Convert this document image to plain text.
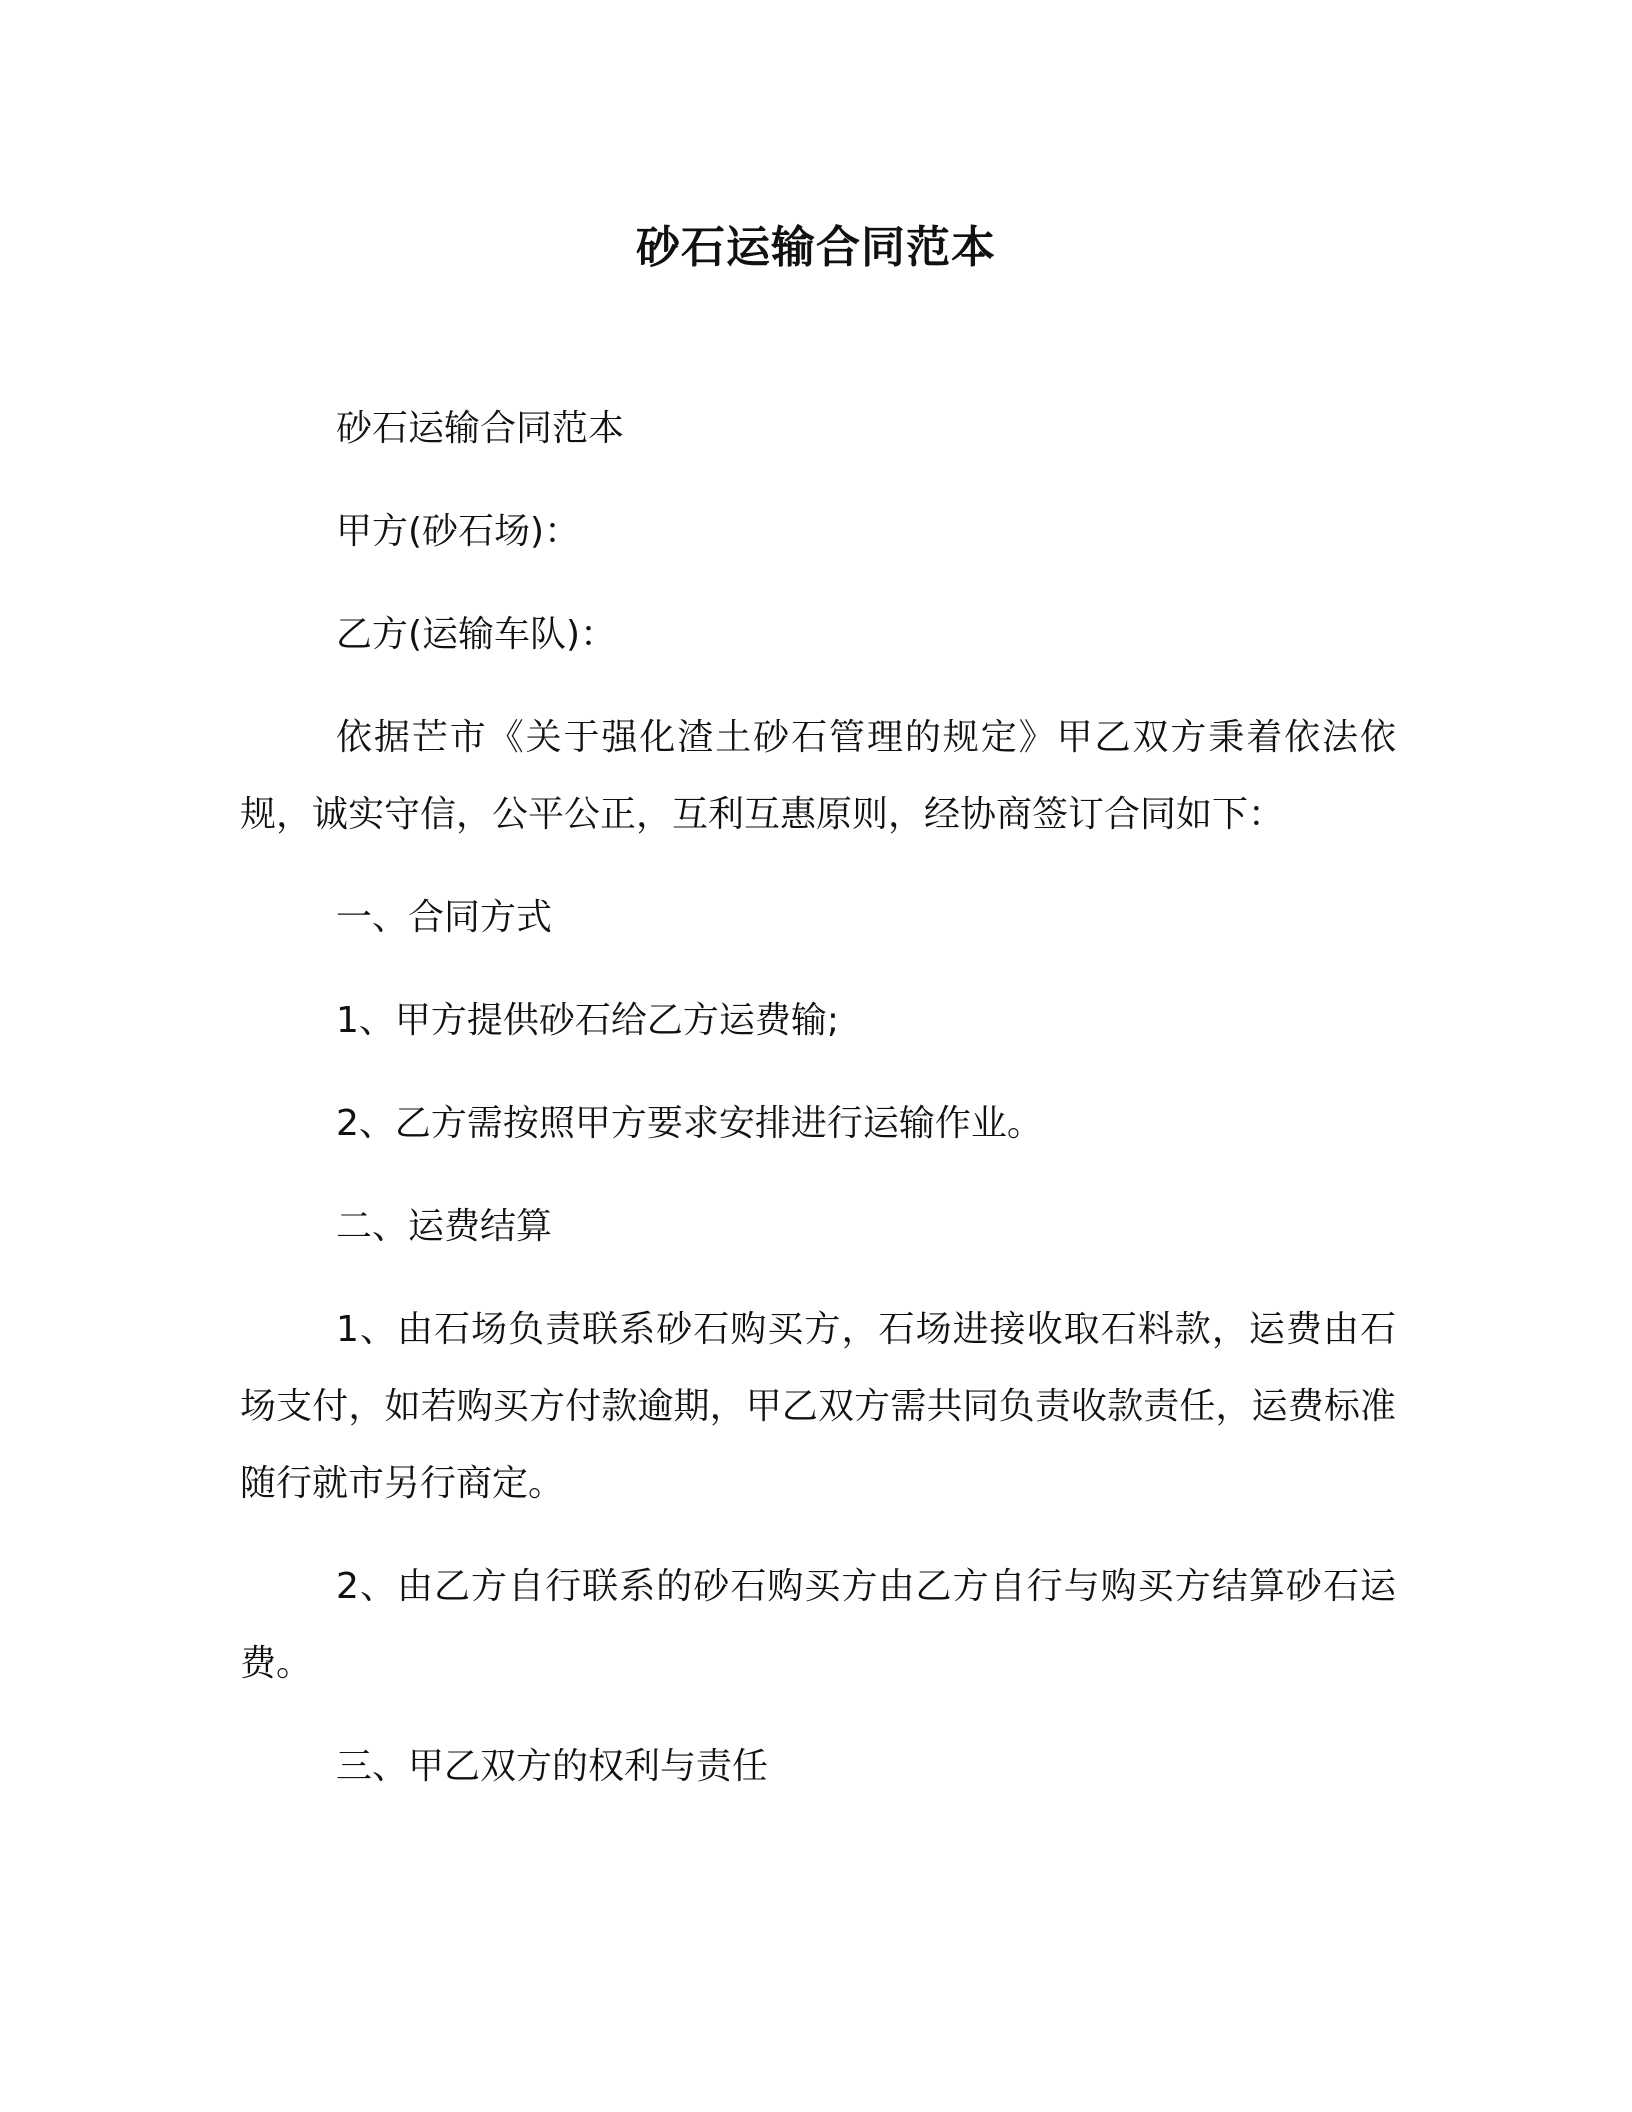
砂石运输合同范本

砂石运输合同范本

甲方(砂石场)：

乙方(运输车队)：

依据芒市《关于强化渣土砂石管理的规定》甲乙双方秉着依法依规，诚实守信，公平公正，互利互惠原则，经协商签订合同如下：

一、合同方式

1、甲方提供砂石给乙方运费输;

2、乙方需按照甲方要求安排进行运输作业。

二、运费结算

1、由石场负责联系砂石购买方，石场进接收取石料款，运费由石场支付，如若购买方付款逾期，甲乙双方需共同负责收款责任，运费标准随行就市另行商定。

2、由乙方自行联系的砂石购买方由乙方自行与购买方结算砂石运费。

三、甲乙双方的权利与责任
